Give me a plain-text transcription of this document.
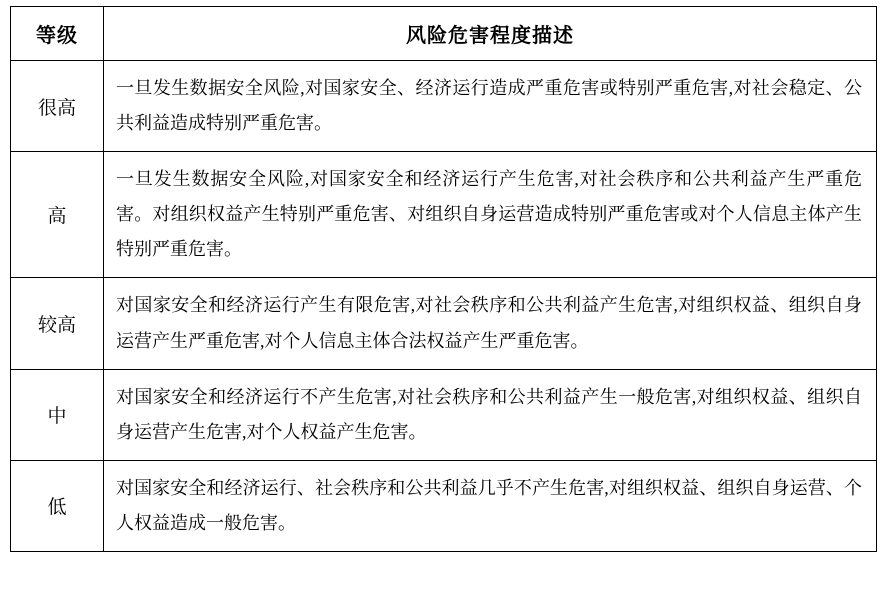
等级	风险危害程度描述
很高	一旦发生数据安全风险,对国家安全、经济运行造成严重危害或特别严重危害,对社会稳定、公共利益造成特别严重危害。

高	一旦发生数据安全风险,对国家安全和经济运行产生危害,对社会秩序和公共利益产生严重危害。对组织权益产生特别严重危害、对组织自身运营造成特别严重危害或对个人信息主体产生特别严重危害。

较高	对国家安全和经济运行产生有限危害,对社会秩序和公共利益产生危害,对组织权益、组织自身运营产生严重危害,对个人信息主体合法权益产生严重危害。

中	对国家安全和经济运行不产生危害,对社会秩序和公共利益产生一般危害,对组织权益、组织自身运营产生危害,对个人权益产生危害。

低	对国家安全和经济运行、社会秩序和公共利益几乎不产生危害,对组织权益、组织自身运营、个人权益造成一般危害。
